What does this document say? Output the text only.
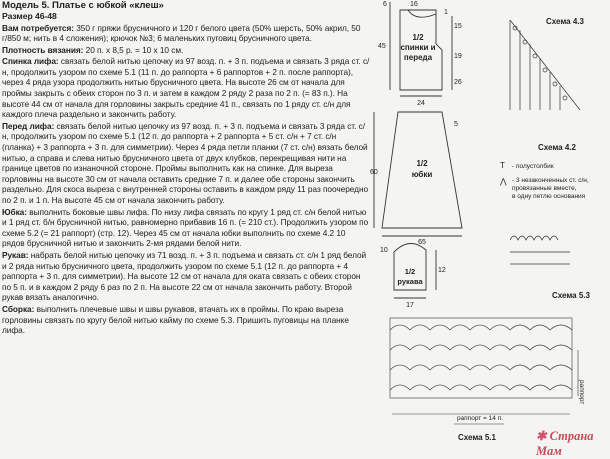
Модель 5. Платье с юбкой «клеш»

Размер 46-48

Вам потребуется: 350 г пряжи брусничного и 120 г белого цвета (50% шерсть, 50% акрил, 50 г/850 м; нить в 4 сложения); крючок №3; 6 маленьких пуговиц брусничного цвета.

Плотность вязания: 20 п. х 8,5 р. = 10 х 10 см.

Спинка лифа: связать белой нитью цепочку из 97 возд. п. + 3 п. подъема и связать 3 ряда ст. с/н, продолжить узором по схеме 5.1 (11 п. до раппорта + 6 раппортов + 2 п. после раппорта), через 4 ряда узора продолжить нитью брусничного цвета. На высоте 26 см от начала для проймы закрыть с обеих сторон по 3 п. и затем в каждом 2 ряду 2 раза по 2 п. (= 83 п.). На высоте 44 см от начала для горловины закрыть средние 41 п., связать по 1 ряду ст. с/н для каждого плеча раздельно и закончить работу.

Перед лифа: связать белой нитью цепочку из 97 возд. п. + 3 п. подъема и связать 3 ряда ст. с/н, продолжить узором по схеме 5.1 (12 п. до раппорта + 2 раппорта + 5 ст. с/н + 7 ст. с/н (планка) + 3 раппорта + 3 п. для симметрии). Через 4 ряда петли планки (7 ст. с/н) вязать белой нитью, а справа и слева нитью брусничного цвета от двух клубков, перекрещивая нити на границе цветов по изнаночной стороне. Проймы выполнить как на спинке. Для выреза горловины на высоте 30 см от начала оставить средние 7 п. и далее обе стороны закончить раздельно. Для скоса выреза с внутренней стороны оставить в каждом ряду 11 раз поочередно по 2 п. и 1 п. На высоте 45 см от начала закончить работу.

Юбка: выполнить боковые швы лифа. По низу лифа связать по кругу 1 ряд ст. с/н белой нитью и 1 ряд ст. б/н брусничной нитью, равномерно прибавив 16 п. (= 210 ст.). Продолжить узором по схеме 5.2 (= 21 раппорт) (стр. 12). Через 45 см от начала юбки выполнить по схеме 4.2 10 рядов брусничной нитью и закончить 2-мя рядами белой нити.

Рукав: набрать белой нитью цепочку из 71 возд. п. + 3 п. подъема и связать ст. с/н 1 ряд белой и 2 ряда нитью брусничного цвета, продолжить узором по схеме 5.1 (12 п. до раппорта + 4 раппорта + 3 п. для симметрии). На высоте 12 см от начала для оката связать с обеих сторон по 5 п. и в каждом 2 ряду 6 раз по 2 п. На высоте 22 см от начала закончить работу. Второй рукав вязать аналогично.

Сборка: выполнить плечевые швы и швы рукавов, втачать их в проймы. По краю выреза горловины связать по кругу белой нитью кайму по схеме 5.3. Пришить пуговицы на планке лифа.

1/2
спинки и
переда
6	16
1
15
45
19
26
24
1/2
юбки
60
65
5
1/2
рукава
10
12
17
Схема 4.3
Схема 4.2
T - полустолбик
⋀ - 3 незаконченных ст. с/н,
провязанные вместе,
в одну петлю основания
Схема 5.3
раппорт
раппорт = 14 п.
Схема 5.1	✱ Страна Мам
